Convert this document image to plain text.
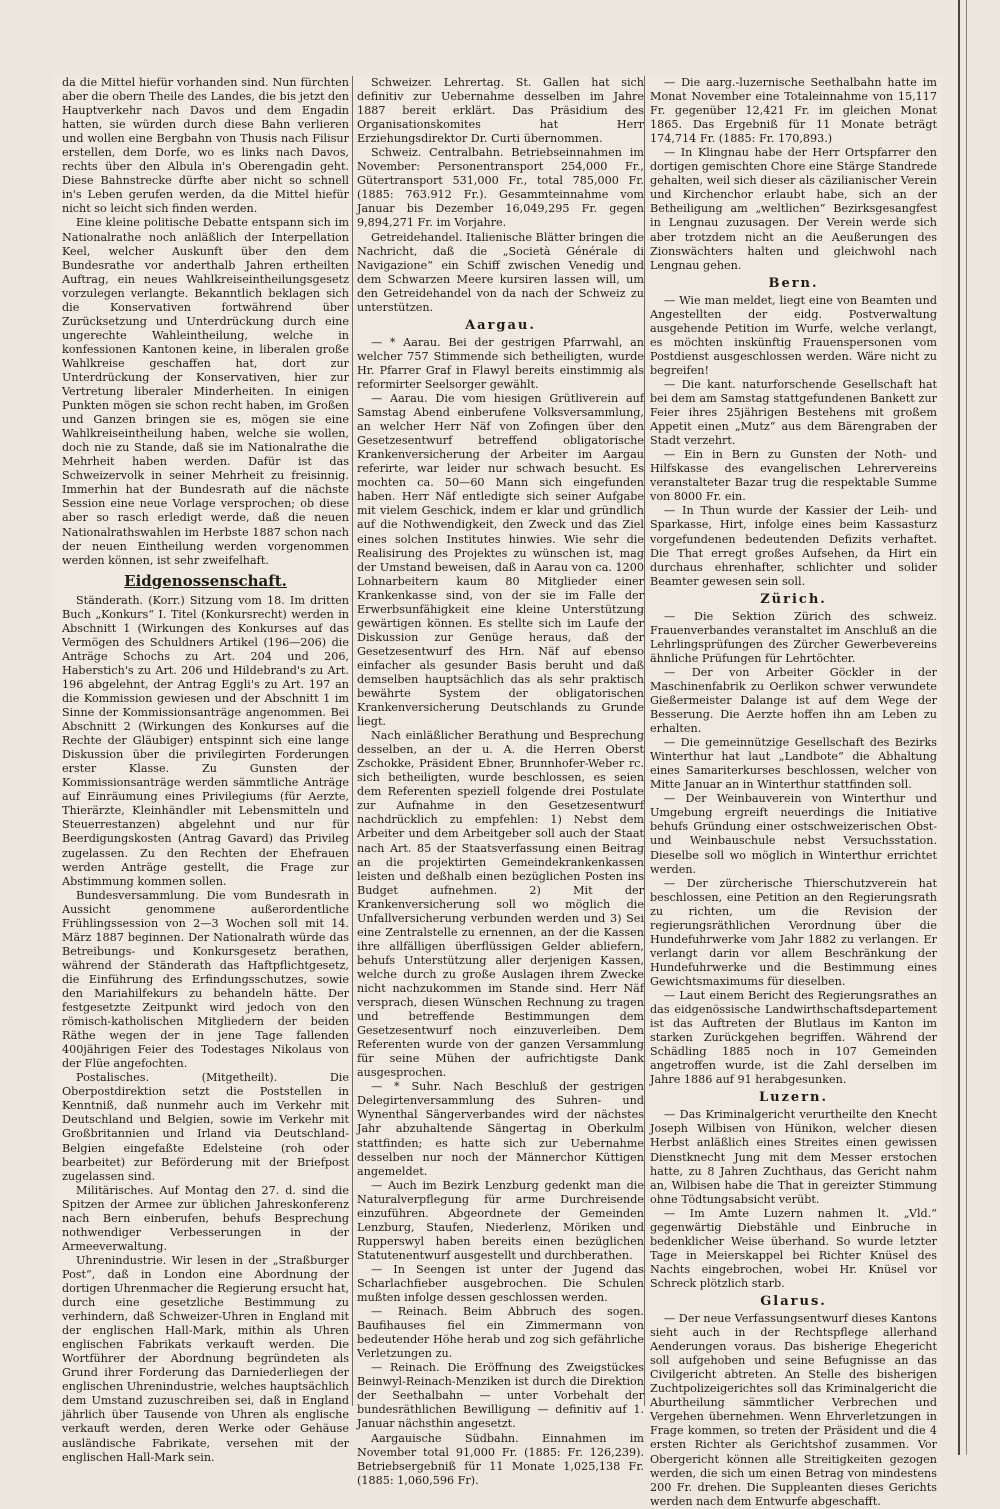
da die Mittel hiefür vorhanden sind. Nun fürchten aber die obern Theile des Landes, die bis jetzt den Hauptverkehr nach Davos und dem Engadin hatten, sie würden durch diese Bahn verlieren und wollen eine Bergbahn von Thusis nach Filisur erstellen, dem Dorfe, wo es links nach Davos, rechts über den Albula in's Oberengadin geht. Diese Bahnstrecke dürfte aber nicht so schnell in's Leben gerufen werden, da die Mittel hiefür nicht so leicht sich finden werden.

Eine kleine politische Debatte entspann sich im Nationalrathe noch anläßlich der Interpellation Keel, welcher Auskunft über den dem Bundesrathe vor anderthalb Jahren ertheilten Auftrag, ein neues Wahlkreiseintheilungsgesetz vorzulegen verlangte. Bekanntlich beklagen sich die Konservativen fortwährend über Zurücksetzung und Unterdrückung durch eine ungerechte Wahleintheilung, welche in konfessionen Kantonen keine, in liberalen große Wahlkreise geschaffen hat, dort zur Unterdrückung der Konservativen, hier zur Vertretung liberaler Minderheiten. In einigen Punkten mögen sie schon recht haben, im Großen und Ganzen bringen sie es, mögen sie eine Wahlkreiseintheilung haben, welche sie wollen, doch nie zu Stande, daß sie im Nationalrathe die Mehrheit haben werden. Dafür ist das Schweizervolk in seiner Mehrheit zu freisinnig. Immerhin hat der Bundesrath auf die nächste Session eine neue Vorlage versprochen; ob diese aber so rasch erledigt werde, daß die neuen Nationalrathswahlen im Herbste 1887 schon nach der neuen Eintheilung werden vorgenommen werden können, ist sehr zweifelhaft.

Eidgenossenschaft.

Ständerath. (Korr.) Sitzung vom 18. Im dritten Buch „Konkurs“ I. Titel (Konkursrecht) werden in Abschnitt 1 (Wirkungen des Konkurses auf das Vermögen des Schuldners Artikel (196—206) die Anträge Schochs zu Art. 204 und 206, Haberstich's zu Art. 206 und Hildebrand's zu Art. 196 abgelehnt, der Antrag Eggli's zu Art. 197 an die Kommission gewiesen und der Abschnitt 1 im Sinne der Kommissionsanträge angenommen. Bei Abschnitt 2 (Wirkungen des Konkurses auf die Rechte der Gläubiger) entspinnt sich eine lange Diskussion über die privilegirten Forderungen erster Klasse. Zu Gunsten der Kommissionsanträge werden sämmtliche Anträge auf Einräumung eines Privilegiums (für Aerzte, Thierärzte, Kleinhändler mit Lebensmitteln und Steuerrestanzen) abgelehnt und nur für Beerdigungskosten (Antrag Gavard) das Privileg zugelassen. Zu den Rechten der Ehefrauen werden Anträge gestellt, die Frage zur Abstimmung kommen sollen.

Bundesversammlung. Die vom Bundesrath in Aussicht genommene außerordentliche Frühlingssession von 2—3 Wochen soll mit 14. März 1887 beginnen. Der Nationalrath würde das Betreibungs- und Konkursgesetz berathen, während der Ständerath das Haftpflichtgesetz, die Einführung des Erfindungsschutzes, sowie den Mariahilfekurs zu behandeln hätte. Der festgesetzte Zeitpunkt wird jedoch von den römisch-katholischen Mitgliedern der beiden Räthe wegen der in jene Tage fallenden 400jährigen Feier des Todestages Nikolaus von der Flüe angefochten.

Postalisches. (Mitgetheilt). Die Oberpostdirektion setzt die Poststellen in Kenntniß, daß nunmehr auch im Verkehr mit Deutschland und Belgien, sowie im Verkehr mit Großbritannien und Irland via Deutschland-Belgien eingefaßte Edelsteine (roh oder bearbeitet) zur Beförderung mit der Briefpost zugelassen sind.

Militärisches. Auf Montag den 27. d. sind die Spitzen der Armee zur üblichen Jahreskonferenz nach Bern einberufen, behufs Besprechung nothwendiger Verbesserungen in der Armeeverwaltung.

Uhrenindustrie. Wir lesen in der „Straßburger Post“, daß in London eine Abordnung der dortigen Uhrenmacher die Regierung ersucht hat, durch eine gesetzliche Bestimmung zu verhindern, daß Schweizer-Uhren in England mit der englischen Hall-Mark, mithin als Uhren englischen Fabrikats verkauft werden. Die Wortführer der Abordnung begründeten als Grund ihrer Forderung das Darniederliegen der englischen Uhrenindustrie, welches hauptsächlich dem Umstand zuzuschreiben sei, daß in England jährlich über Tausende von Uhren als englische verkauft werden, deren Werke oder Gehäuse ausländische Fabrikate, versehen mit der englischen Hall-Mark sein.

Schweizer. Lehrertag. St. Gallen hat sich definitiv zur Uebernahme desselben im Jahre 1887 bereit erklärt. Das Präsidium des Organisationskomites hat Herr Erziehungsdirektor Dr. Curti übernommen.

Schweiz. Centralbahn. Betriebseinnahmen im November: Personentransport 254,000 Fr., Gütertransport 531,000 Fr., total 785,000 Fr. (1885: 763.912 Fr.). Gesammteinnahme vom Januar bis Dezember 16,049,295 Fr. gegen 9,894,271 Fr. im Vorjahre.

Getreidehandel. Italienische Blätter bringen die Nachricht, daß die „Società Générale di Navigazione“ ein Schiff zwischen Venedig und dem Schwarzen Meere kursiren lassen will, um den Getreidehandel von da nach der Schweiz zu unterstützen.

Aargau.

— * Aarau. Bei der gestrigen Pfarrwahl, an welcher 757 Stimmende sich betheiligten, wurde Hr. Pfarrer Graf in Flawyl bereits einstimmig als reformirter Seelsorger gewählt.

— Aarau. Die vom hiesigen Grütliverein auf Samstag Abend einberufene Volksversammlung, an welcher Herr Näf von Zofingen über den Gesetzesentwurf betreffend obligatorische Krankenversicherung der Arbeiter im Aargau referirte, war leider nur schwach besucht. Es mochten ca. 50—60 Mann sich eingefunden haben. Herr Näf entledigte sich seiner Aufgabe mit vielem Geschick, indem er klar und gründlich auf die Nothwendigkeit, den Zweck und das Ziel eines solchen Institutes hinwies. Wie sehr die Realisirung des Projektes zu wünschen ist, mag der Umstand beweisen, daß in Aarau von ca. 1200 Lohnarbeitern kaum 80 Mitglieder einer Krankenkasse sind, von der sie im Falle der Erwerbsunfähigkeit eine kleine Unterstützung gewärtigen können. Es stellte sich im Laufe der Diskussion zur Genüge heraus, daß der Gesetzesentwurf des Hrn. Näf auf ebenso einfacher als gesunder Basis beruht und daß demselben hauptsächlich das als sehr praktisch bewährte System der obligatorischen Krankenversicherung Deutschlands zu Grunde liegt.

Nach einläßlicher Berathung und Besprechung desselben, an der u. A. die Herren Oberst Zschokke, Präsident Ebner, Brunnhofer-Weber rc. sich betheiligten, wurde beschlossen, es seien dem Referenten speziell folgende drei Postulate zur Aufnahme in den Gesetzesentwurf nachdrücklich zu empfehlen: 1) Nebst dem Arbeiter und dem Arbeitgeber soll auch der Staat nach Art. 85 der Staatsverfassung einen Beitrag an die projektirten Gemeindekrankenkassen leisten und deßhalb einen bezüglichen Posten ins Budget aufnehmen. 2) Mit der Krankenversicherung soll wo möglich die Unfallversicherung verbunden werden und 3) Sei eine Zentralstelle zu ernennen, an der die Kassen ihre allfälligen überflüssigen Gelder abliefern, behufs Unterstützung aller derjenigen Kassen, welche durch zu große Auslagen ihrem Zwecke nicht nachzukommen im Stande sind. Herr Näf versprach, diesen Wünschen Rechnung zu tragen und betreffende Bestimmungen dem Gesetzesentwurf noch einzuverleiben. Dem Referenten wurde von der ganzen Versammlung für seine Mühen der aufrichtigste Dank ausgesprochen.

— * Suhr. Nach Beschluß der gestrigen Delegirtenversammlung des Suhren- und Wynenthal Sängerverbandes wird der nächstes Jahr abzuhaltende Sängertag in Oberkulm stattfinden; es hatte sich zur Uebernahme desselben nur noch der Männerchor Küttigen angemeldet.

— Auch im Bezirk Lenzburg gedenkt man die Naturalverpflegung für arme Durchreisende einzuführen. Abgeordnete der Gemeinden Lenzburg, Staufen, Niederlenz, Möriken und Rupperswyl haben bereits einen bezüglichen Statutenentwurf ausgestellt und durchberathen.

— In Seengen ist unter der Jugend das Scharlachfieber ausgebrochen. Die Schulen mußten infolge dessen geschlossen werden.

— Reinach. Beim Abbruch des sogen. Baufihauses fiel ein Zimmermann von bedeutender Höhe herab und zog sich gefährliche Verletzungen zu.

— Reinach. Die Eröffnung des Zweigstückes Beinwyl-Reinach-Menziken ist durch die Direktion der Seethalbahn — unter Vorbehalt der bundesräthlichen Bewilligung — definitiv auf 1. Januar nächsthin angesetzt.

Aargauische Südbahn. Einnahmen im November total 91,000 Fr. (1885: Fr. 126,239). Betriebsergebniß für 11 Monate 1,025,138 Fr. (1885: 1,060,596 Fr).

— Die aarg.-luzernische Seethalbahn hatte im Monat November eine Totaleinnahme von 15,117 Fr. gegenüber 12,421 Fr. im gleichen Monat 1865. Das Ergebniß für 11 Monate beträgt 174,714 Fr. (1885: Fr. 170,893.)

— In Klingnau habe der Herr Ortspfarrer den dortigen gemischten Chore eine Stärge Standrede gehalten, weil sich dieser als cäzilianischer Verein und Kirchenchor erlaubt habe, sich an der Betheiligung am „weltlichen“ Bezirksgesangfest in Lengnau zuzusagen. Der Verein werde sich aber trotzdem nicht an die Aeußerungen des Zionswächters halten und gleichwohl nach Lengnau gehen.

Bern.

— Wie man meldet, liegt eine von Beamten und Angestellten der eidg. Postverwaltung ausgehende Petition im Wurfe, welche verlangt, es möchten inskünftig Frauenspersonen vom Postdienst ausgeschlossen werden. Wäre nicht zu begreifen!

— Die kant. naturforschende Gesellschaft hat bei dem am Samstag stattgefundenen Bankett zur Feier ihres 25jährigen Bestehens mit großem Appetit einen „Mutz“ aus dem Bärengraben der Stadt verzehrt.

— Ein in Bern zu Gunsten der Noth- und Hilfskasse des evangelischen Lehrervereins veranstalteter Bazar trug die respektable Summe von 8000 Fr. ein.

— In Thun wurde der Kassier der Leih- und Sparkasse, Hirt, infolge eines beim Kassasturz vorgefundenen bedeutenden Defizits verhaftet. Die That erregt großes Aufsehen, da Hirt ein durchaus ehrenhafter, schlichter und solider Beamter gewesen sein soll.

Zürich.

— Die Sektion Zürich des schweiz. Frauenverbandes veranstaltet im Anschluß an die Lehrlingsprüfungen des Zürcher Gewerbevereins ähnliche Prüfungen für Lehrtöchter.

— Der von Arbeiter Göckler in der Maschinenfabrik zu Oerlikon schwer verwundete Gießermeister Dalange ist auf dem Wege der Besserung. Die Aerzte hoffen ihn am Leben zu erhalten.

— Die gemeinnützige Gesellschaft des Bezirks Winterthur hat laut „Landbote“ die Abhaltung eines Samariterkurses beschlossen, welcher von Mitte Januar an in Winterthur stattfinden soll.

— Der Weinbauverein von Winterthur und Umgebung ergreift neuerdings die Initiative behufs Gründung einer ostschweizerischen Obst- und Weinbauschule nebst Versuchsstation. Dieselbe soll wo möglich in Winterthur errichtet werden.

— Der zürcherische Thierschutzverein hat beschlossen, eine Petition an den Regierungsrath zu richten, um die Revision der regierungsräthlichen Verordnung über die Hundefuhrwerke vom Jahr 1882 zu verlangen. Er verlangt darin vor allem Beschränkung der Hundefuhrwerke und die Bestimmung eines Gewichtsmaximums für dieselben.

— Laut einem Bericht des Regierungsrathes an das eidgenössische Landwirthschaftsdepartement ist das Auftreten der Blutlaus im Kanton im starken Zurückgehen begriffen. Während der Schädling 1885 noch in 107 Gemeinden angetroffen wurde, ist die Zahl derselben im Jahre 1886 auf 91 herabgesunken.

Luzern.

— Das Kriminalgericht verurtheilte den Knecht Joseph Wilbisen von Hünikon, welcher diesen Herbst anläßlich eines Streites einen gewissen Dienstknecht Jung mit dem Messer erstochen hatte, zu 8 Jahren Zuchthaus, das Gericht nahm an, Wilbisen habe die That in gereizter Stimmung ohne Tödtungsabsicht verübt.

— Im Amte Luzern nahmen lt. „Vld.“ gegenwärtig Diebstähle und Einbruche in bedenklicher Weise überhand. So wurde letzter Tage in Meierskappel bei Richter Knüsel des Nachts eingebrochen, wobei Hr. Knüsel vor Schreck plötzlich starb.

Glarus.

— Der neue Verfassungsentwurf dieses Kantons sieht auch in der Rechtspflege allerhand Aenderungen voraus. Das bisherige Ehegericht soll aufgehoben und seine Befugnisse an das Civilgericht abtreten. An Stelle des bisherigen Zuchtpolizeigerichtes soll das Kriminalgericht die Aburtheilung sämmtlicher Verbrechen und Vergehen übernehmen. Wenn Ehrverletzungen in Frage kommen, so treten der Präsident und die 4 ersten Richter als Gerichtshof zusammen. Vor Obergericht können alle Streitigkeiten gezogen werden, die sich um einen Betrag von mindestens 200 Fr. drehen. Die Suppleanten dieses Gerichts werden nach dem Entwurfe abgeschafft.
